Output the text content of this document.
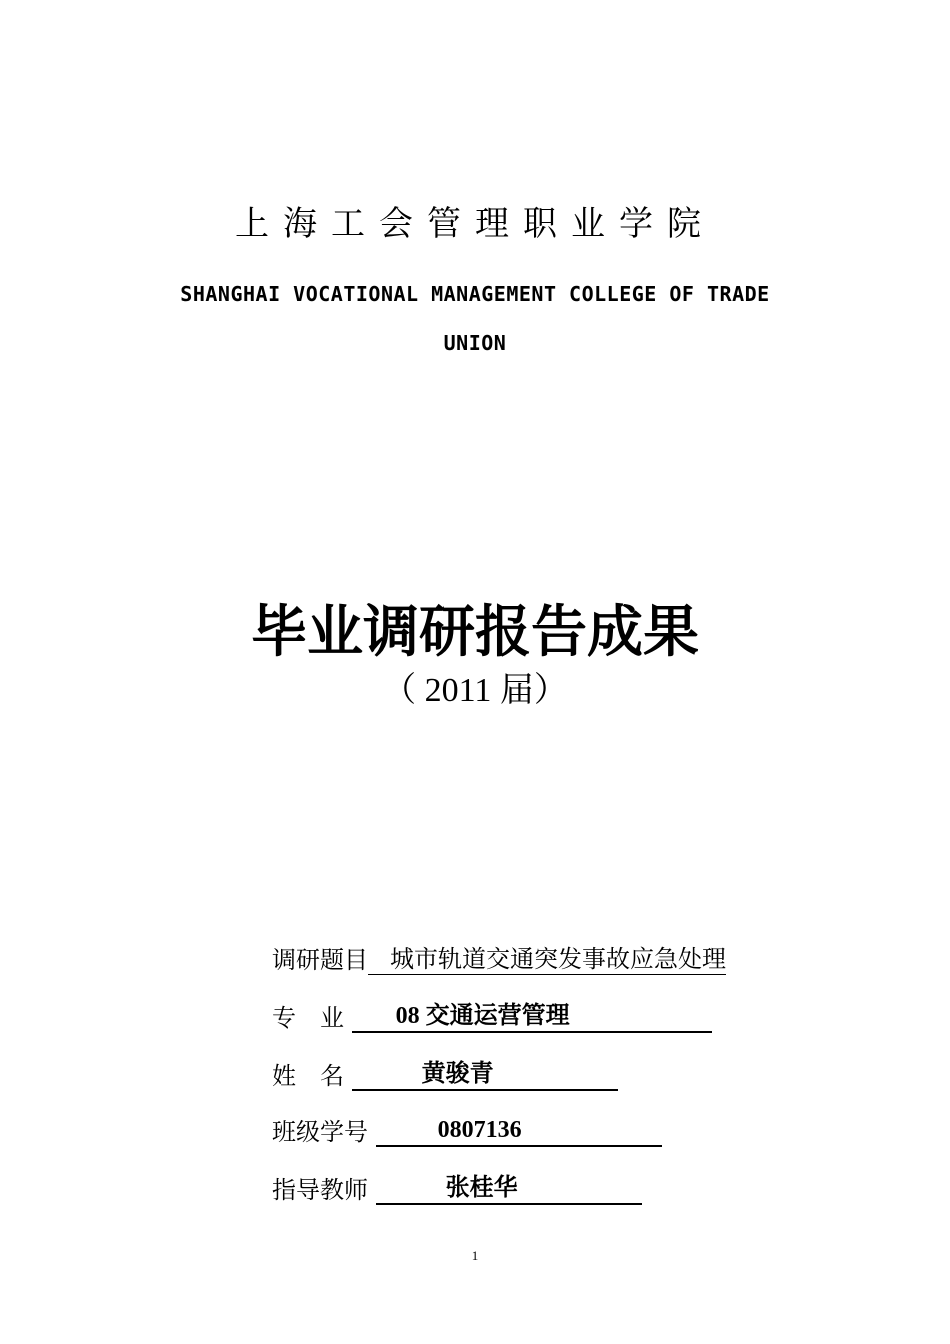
上海工会管理职业学院
SHANGHAI VOCATIONAL MANAGEMENT COLLEGE OF TRADE
UNION
毕业调研报告成果
（ 2011 届）
调研题目 城市轨道交通突发事故应急处理
专　业 08 交通运营管理
姓　名	黄骏青
班级学号	0807136
指导教师	张桂华
1
